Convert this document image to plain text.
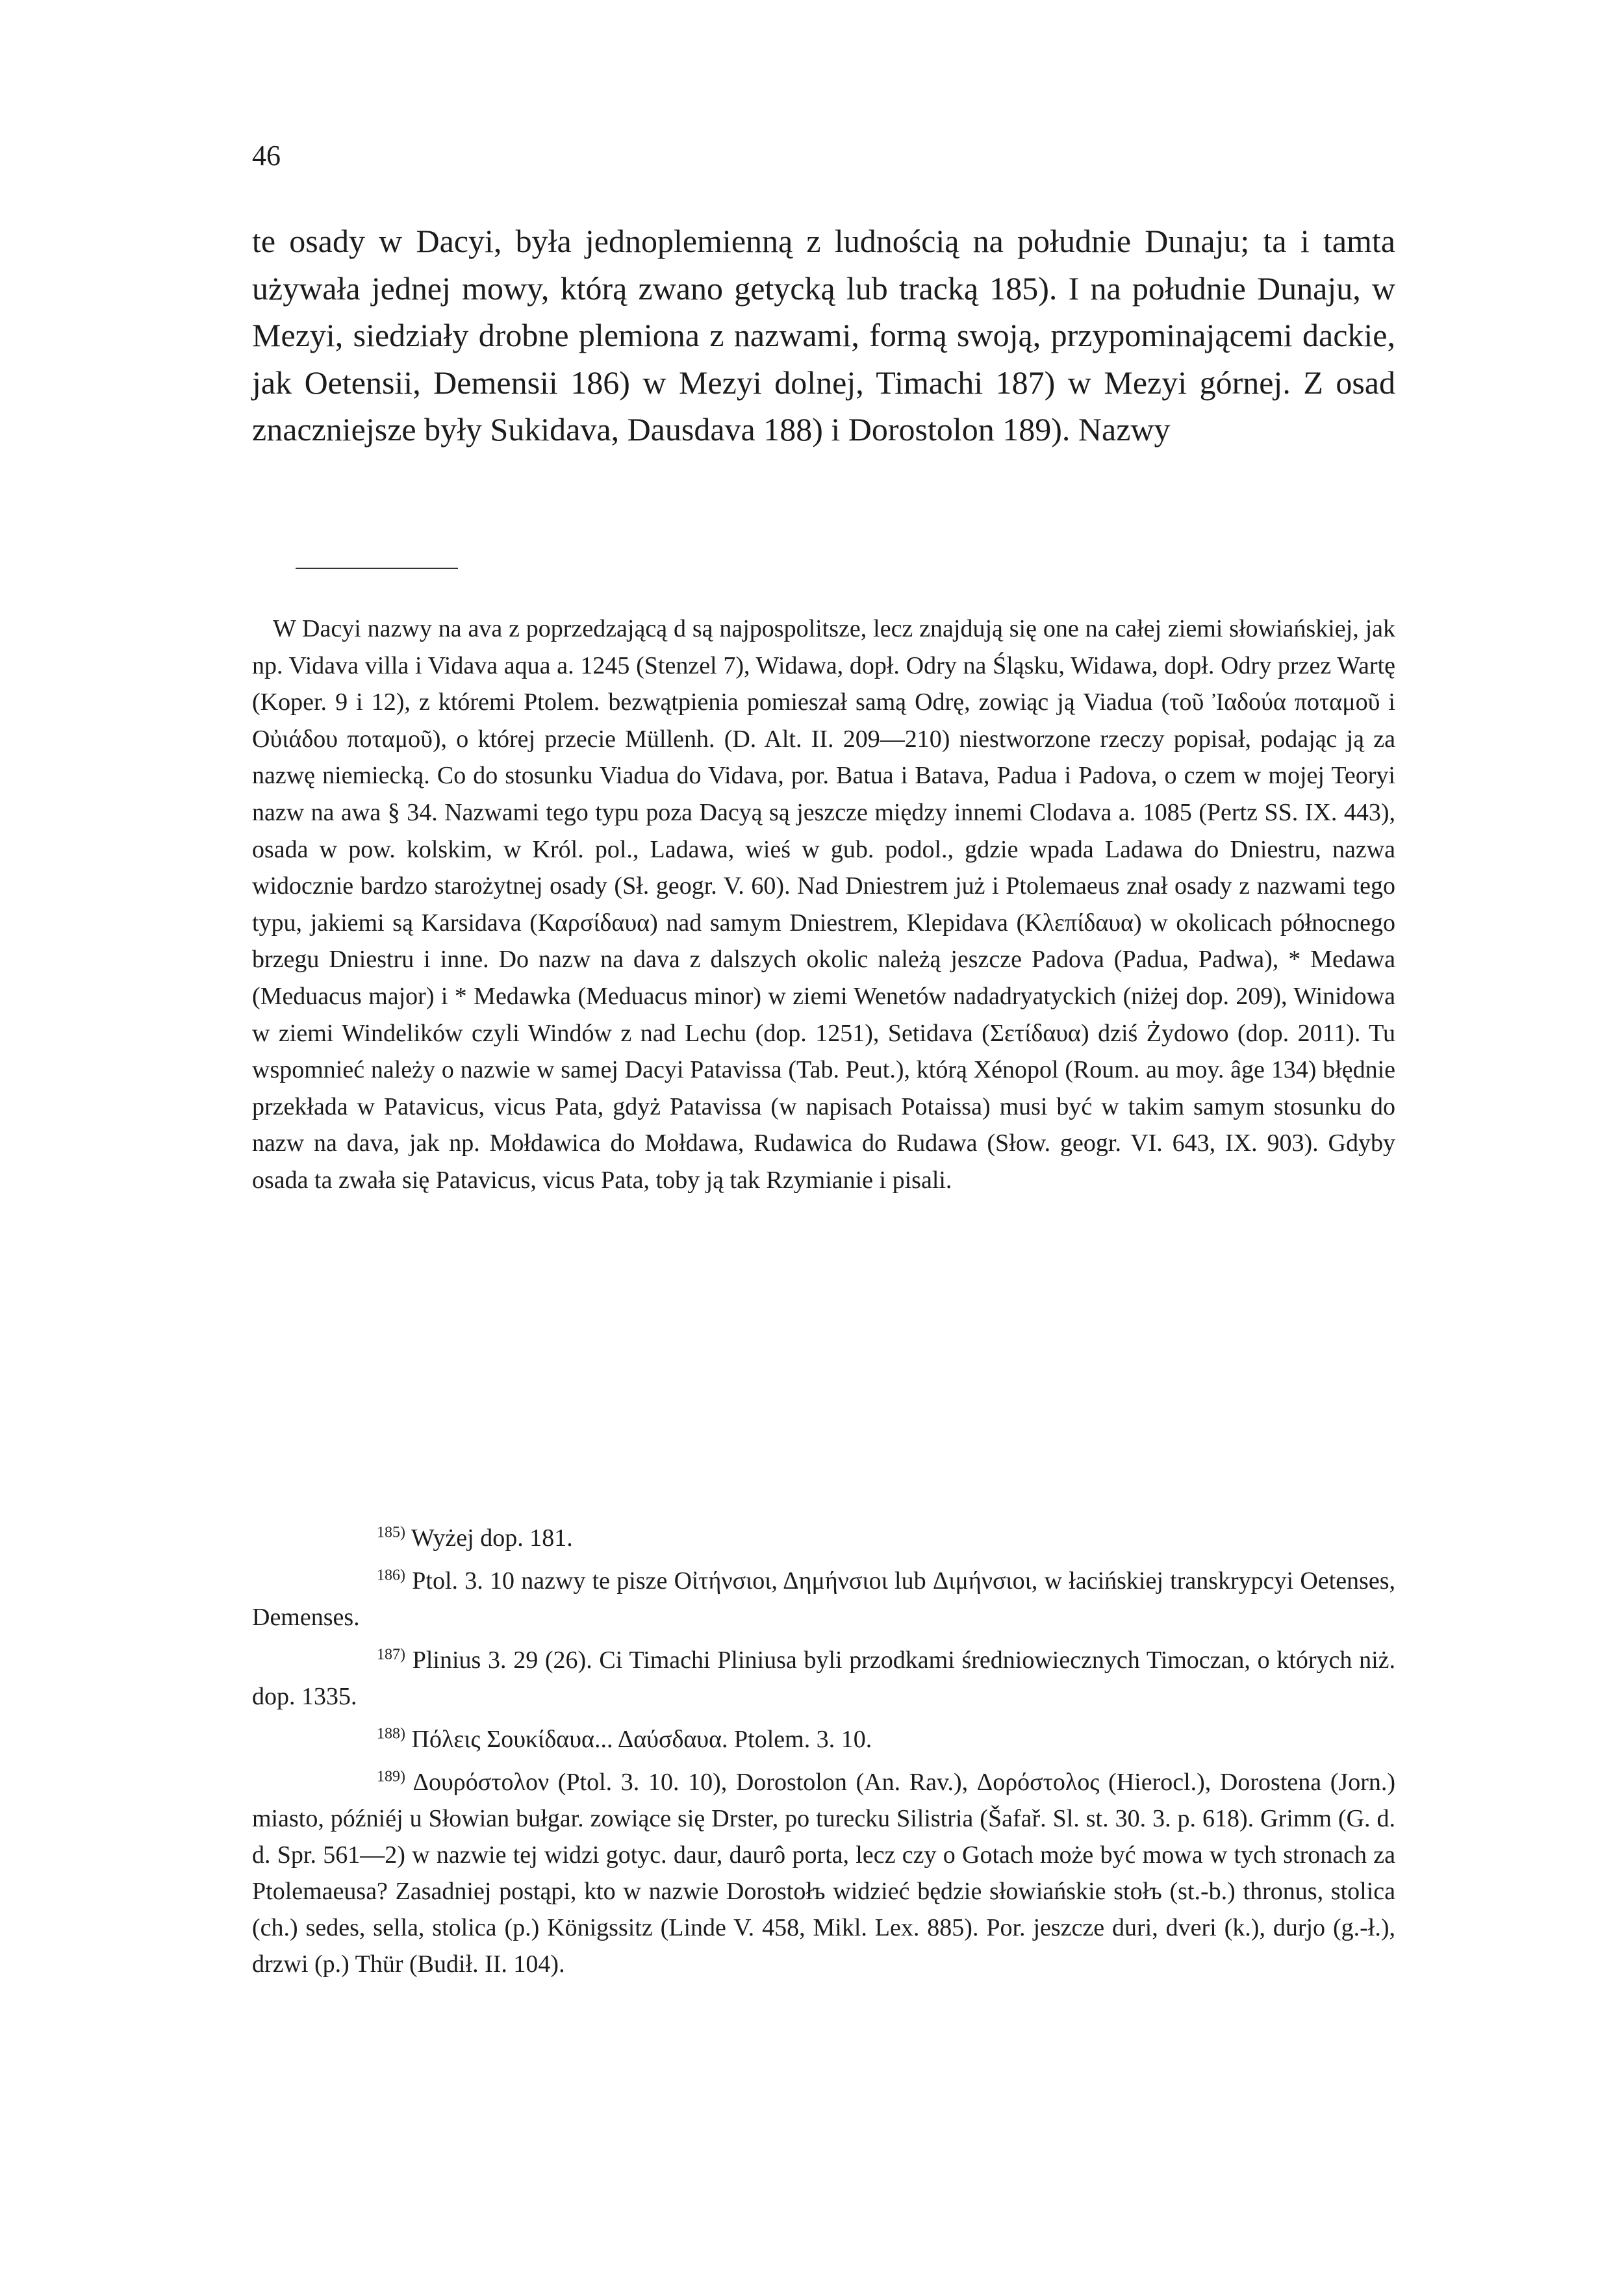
46

te osady w Dacyi, była jednoplemienną z ludnością na południe Dunaju; ta i tamta używała jednej mowy, którą zwano getycką lub tracką 185). I na południe Dunaju, w Mezyi, siedziały drobne plemiona z nazwami, formą swoją, przypominającemi dackie, jak Oetensii, Demensii 186) w Mezyi dolnej, Timachi 187) w Mezyi górnej. Z osad znaczniejsze były Sukidava, Dausdava 188) i Dorostolon 189). Nazwy

W Dacyi nazwy na ava z poprzedzającą d są najpospolitsze, lecz znajdują się one na całej ziemi słowiańskiej, jak np. Vidava villa i Vidava aqua a. 1245 (Stenzel 7), Widawa, dopł. Odry na Śląsku, Widawa, dopł. Odry przez Wartę (Koper. 9 i 12), z któremi Ptolem. bezwątpienia pomieszał samą Odrę, zowiąc ją Viadua (τοῦ Ἰαδούα ποταμοῦ i Οὐιάδου ποταμοῦ), o której przecie Müllenh. (D. Alt. II. 209—210) niestworzone rzeczy popisał, podając ją za nazwę niemiecką. Co do stosunku Viadua do Vidava, por. Batua i Batava, Padua i Padova, o czem w mojej Teoryi nazw na awa § 34. Nazwami tego typu poza Dacyą są jeszcze między innemi Clodava a. 1085 (Pertz SS. IX. 443), osada w pow. kolskim, w Król. pol., Ladawa, wieś w gub. podol., gdzie wpada Ladawa do Dniestru, nazwa widocznie bardzo starożytnej osady (Sł. geogr. V. 60). Nad Dniestrem już i Ptolemaeus znał osady z nazwami tego typu, jakiemi są Karsidava (Καρσίδαυα) nad samym Dniestrem, Klepidava (Κλεπίδαυα) w okolicach północnego brzegu Dniestru i inne. Do nazw na dava z dalszych okolic należą jeszcze Padova (Padua, Padwa), * Medawa (Meduacus major) i * Medawka (Meduacus minor) w ziemi Wenetów nadadryatyckich (niżej dop. 209), Winidowa w ziemi Windelików czyli Windów z nad Lechu (dop. 1251), Setidava (Σετίδαυα) dziś Żydowo (dop. 2011). Tu wspomnieć należy o nazwie w samej Dacyi Patavissa (Tab. Peut.), którą Xénopol (Roum. au moy. âge 134) błędnie przekłada w Patavicus, vicus Pata, gdyż Patavissa (w napisach Potaissa) musi być w takim samym stosunku do nazw na dava, jak np. Mołdawica do Mołdawa, Rudawica do Rudawa (Słow. geogr. VI. 643, IX. 903). Gdyby osada ta zwała się Patavicus, vicus Pata, toby ją tak Rzymianie i pisali.

$^{185)}$ Wyżej dop. 181.

$^{186)}$ Ptol. 3. 10 nazwy te pisze Οἰτήνσιοι, Δημήνσιοι lub Διμήνσιοι, w łacińskiej transkrypcyi Oetenses, Demenses.

$^{187)}$ Plinius 3. 29 (26). Ci Timachi Pliniusa byli przodkami średniowiecznych Timoczan, o których niż. dop. 1335.

$^{188)}$ Πόλεις Σουκίδαυα... Δαύσδαυα. Ptolem. 3. 10.

$^{189)}$ Δουρόστολον (Ptol. 3. 10. 10), Dorostolon (An. Rav.), Δορόστολος (Hierocl.), Dorostena (Jorn.) miasto, późniéj u Słowian bułgar. zowiące się Drster, po turecku Silistria (Šafař. Sl. st. 30. 3. p. 618). Grimm (G. d. d. Spr. 561—2) w nazwie tej widzi gotyc. daur, daurô porta, lecz czy o Gotach może być mowa w tych stronach za Ptolemaeusa? Zasadniej postąpi, kto w nazwie Dorostołъ widzieć będzie słowiańskie stołъ (st.-b.) thronus, stolica (ch.) sedes, sella, stolica (p.) Königssitz (Linde V. 458, Mikl. Lex. 885). Por. jeszcze duri, dveri (k.), durjo (g.-ł.), drzwi (p.) Thür (Budił. II. 104).
